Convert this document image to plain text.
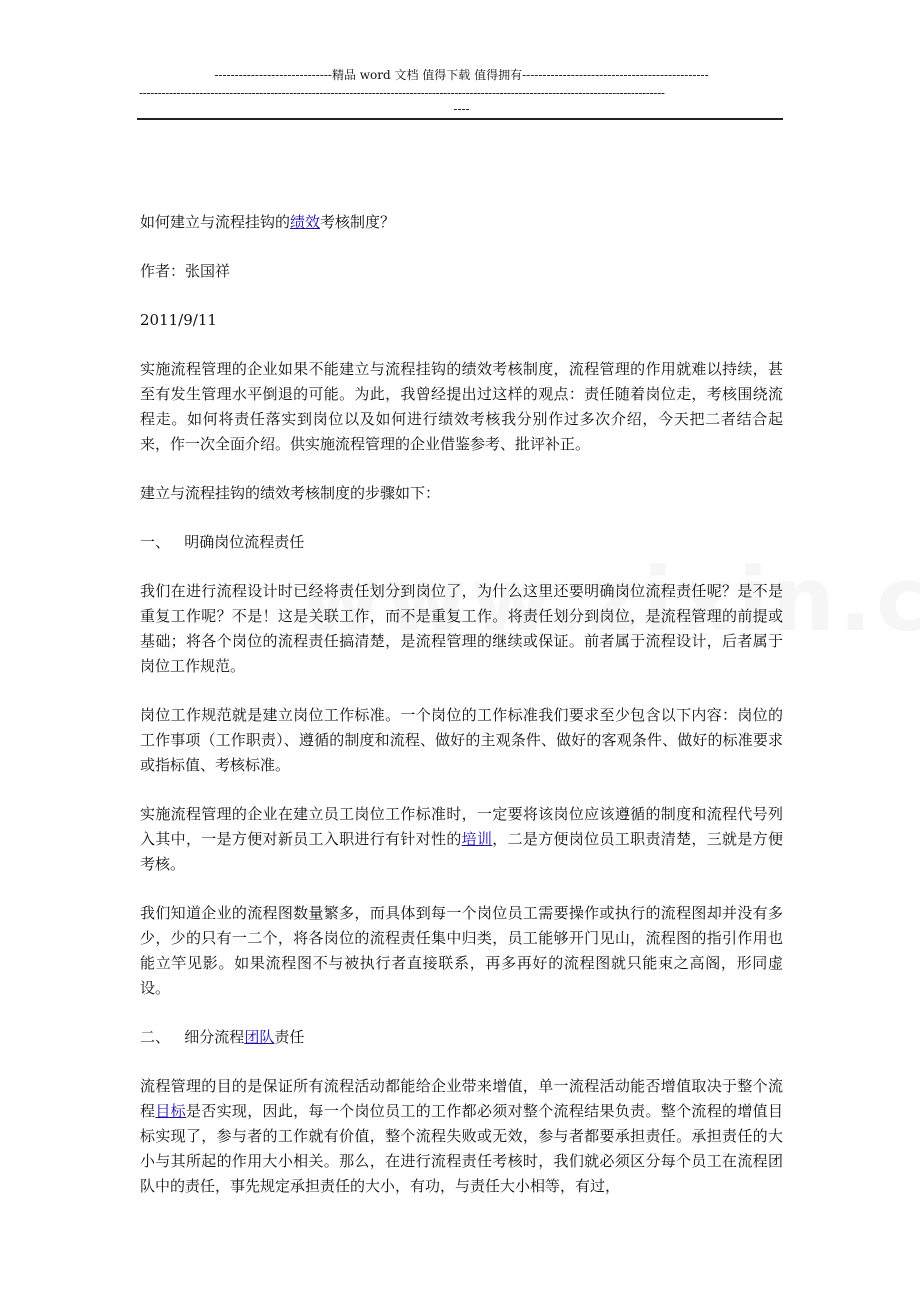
-----------------------------精品 word 文档 值得下载 值得拥有----------------------------------------------
--------------------------------------------------------------------------------------------------------------------------------------------
----

如何建立与流程挂钩的绩效考核制度？

作者：张国祥

2011/9/11

实施流程管理的企业如果不能建立与流程挂钩的绩效考核制度，流程管理的作用就难以持续，甚至有发生管理水平倒退的可能。为此，我曾经提出过这样的观点：责任随着岗位走，考核围绕流程走。如何将责任落实到岗位以及如何进行绩效考核我分别作过多次介绍，今天把二者结合起来，作一次全面介绍。供实施流程管理的企业借鉴参考、批评补正。

建立与流程挂钩的绩效考核制度的步骤如下：

一、   明确岗位流程责任

我们在进行流程设计时已经将责任划分到岗位了，为什么这里还要明确岗位流程责任呢？是不是重复工作呢？不是！这是关联工作，而不是重复工作。将责任划分到岗位，是流程管理的前提或基础；将各个岗位的流程责任搞清楚，是流程管理的继续或保证。前者属于流程设计，后者属于岗位工作规范。

岗位工作规范就是建立岗位工作标准。一个岗位的工作标准我们要求至少包含以下内容：岗位的工作事项（工作职责）、遵循的制度和流程、做好的主观条件、做好的客观条件、做好的标准要求或指标值、考核标准。

实施流程管理的企业在建立员工岗位工作标准时，一定要将该岗位应该遵循的制度和流程代号列入其中，一是方便对新员工入职进行有针对性的培训，二是方便岗位员工职责清楚，三就是方便考核。

我们知道企业的流程图数量繁多，而具体到每一个岗位员工需要操作或执行的流程图却并没有多少，少的只有一二个，将各岗位的流程责任集中归类，员工能够开门见山，流程图的指引作用也能立竿见影。如果流程图不与被执行者直接联系，再多再好的流程图就只能束之高阁，形同虚设。

二、   细分流程团队责任

流程管理的目的是保证所有流程活动都能给企业带来增值，单一流程活动能否增值取决于整个流程目标是否实现，因此，每一个岗位员工的工作都必须对整个流程结果负责。整个流程的增值目标实现了，参与者的工作就有价值，整个流程失败或无效，参与者都要承担责任。承担责任的大小与其所起的作用大小相关。那么，在进行流程责任考核时，我们就必须区分每个员工在流程团队中的责任，事先规定承担责任的大小，有功，与责任大小相等，有过，
